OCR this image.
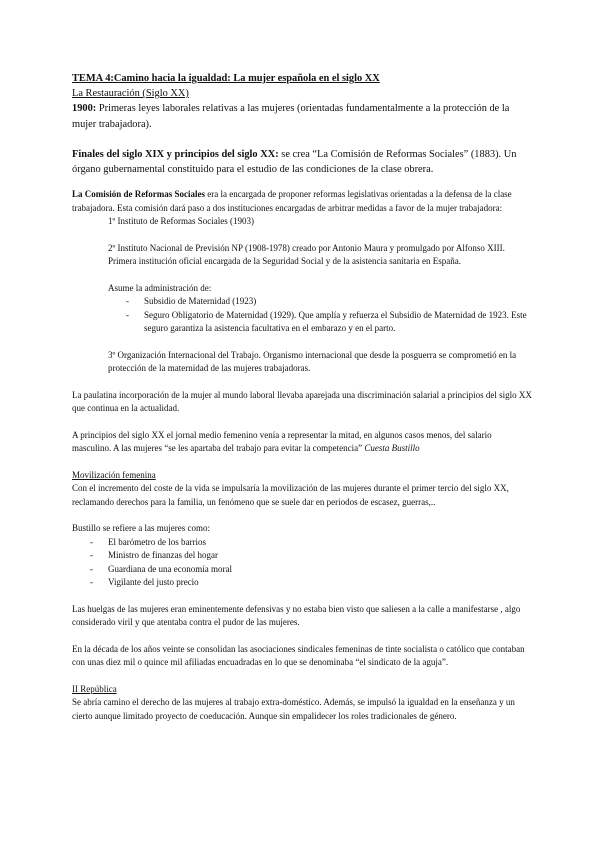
TEMA 4:Camino hacia la igualdad: La mujer española en el siglo XX

La Restauración (Siglo XX)

1900: Primeras leyes laborales relativas a las mujeres (orientadas fundamentalmente a la protección de la mujer trabajadora).

Finales del siglo XIX y principios del siglo XX: se crea “La Comisión de Reformas Sociales” (1883). Un órgano gubernamental constituido para el estudio de las condiciones de la clase obrera.

La Comisión de Reformas Sociales era la encargada de proponer reformas legislativas orientadas a la defensa de la clase trabajadora. Esta comisión dará paso a dos instituciones encargadas de arbitrar medidas a favor de la mujer trabajadora:

1º Instituto de Reformas Sociales (1903)

2º Instituto Nacional de Previsión NP (1908-1978) creado por Antonio Maura y promulgado por Alfonso XIII. Primera institución oficial encargada de la Seguridad Social y de la asistencia sanitaria en España.

Asume la administración de:

- Subsidio de Maternidad (1923)
- Seguro Obligatorio de Maternidad (1929). Que amplía y refuerza el Subsidio de Maternidad de 1923. Este seguro garantiza la asistencia facultativa en el embarazo y en el parto.

3º Organización Internacional del Trabajo. Organismo internacional que desde la posguerra se comprometió en la protección de la maternidad de las mujeres trabajadoras.

La paulatina incorporación de la mujer al mundo laboral llevaba aparejada una discriminación salarial a principios del siglo XX que continua en la actualidad.

A principios del siglo XX el jornal medio femenino venía a representar la mitad, en algunos casos menos, del salario masculino. A las mujeres “se les apartaba del trabajo para evitar la competencia” Cuesta Bustillo

Movilización femenina

Con el incremento del coste de la vida se impulsaría la movilización de las mujeres durante el primer tercio del siglo XX, reclamando derechos para la familia, un fenómeno que se suele dar en periodos de escasez, guerras,..

Bustillo se refiere a las mujeres como:

- El barómetro de los barrios
- Ministro de finanzas del hogar
- Guardiana de una economía moral
- Vigilante del justo precio

Las huelgas de las mujeres eran eminentemente defensivas y no estaba bien visto que saliesen a la calle a manifestarse , algo considerado viril y que atentaba contra el pudor de las mujeres.

En la década de los años veinte se consolidan las asociaciones sindicales femeninas de tinte socialista o católico que contaban con unas diez mil o quince mil afiliadas encuadradas en lo que se denominaba “el sindicato de la aguja”.

II República

Se abría camino el derecho de las mujeres al trabajo extra-doméstico. Además, se impulsó la igualdad en la enseñanza y un cierto aunque limitado proyecto de coeducación. Aunque sin empalidecer los roles tradicionales de género.
